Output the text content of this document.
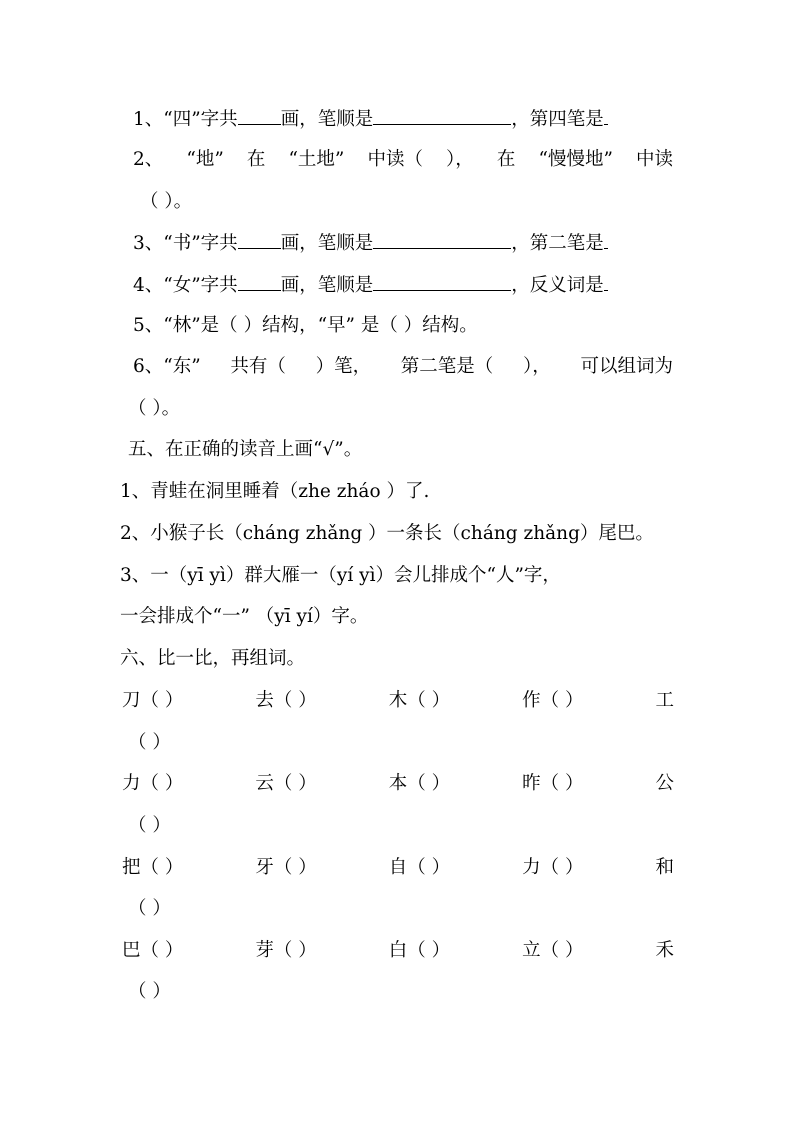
1、“四”字共 画，笔顺是	，第四笔是
2、 “地” 在 “土地” 中读（ ）， 在 “慢慢地” 中读
（ ）。
3、“书”字共 画，笔顺是	，第二笔是
4、“女”字共 画，笔顺是	，反义词是
5、“林”是（ ）结构，“早” 是（ ）结构。
6、“东” 共有（ ）笔， 第二笔是（ ）， 可以组词为
（ ）。
五、在正确的读音上画“√”。
1、青蛙在洞里睡着（zhe zháo ）了.
2、小猴子长（cháng zhǎng ）一条长（cháng zhǎng）尾巴。
3、一（yī yì）群大雁一（yí yì）会儿排成个“人”字，
一会排成个“一” （yī yí）字。
六、比一比，再组词。
刀（ ）	去（ ）	木（ ）	作（ ）	工
（ ）
力（ ）	云（ ）	本（ ）	昨（ ）	公
（ ）
把（ ）	牙（ ）	自（ ）	力（ ）	和
（ ）
巴（ ）	芽（ ）	白（ ）	立（ ）	禾
（ ）
